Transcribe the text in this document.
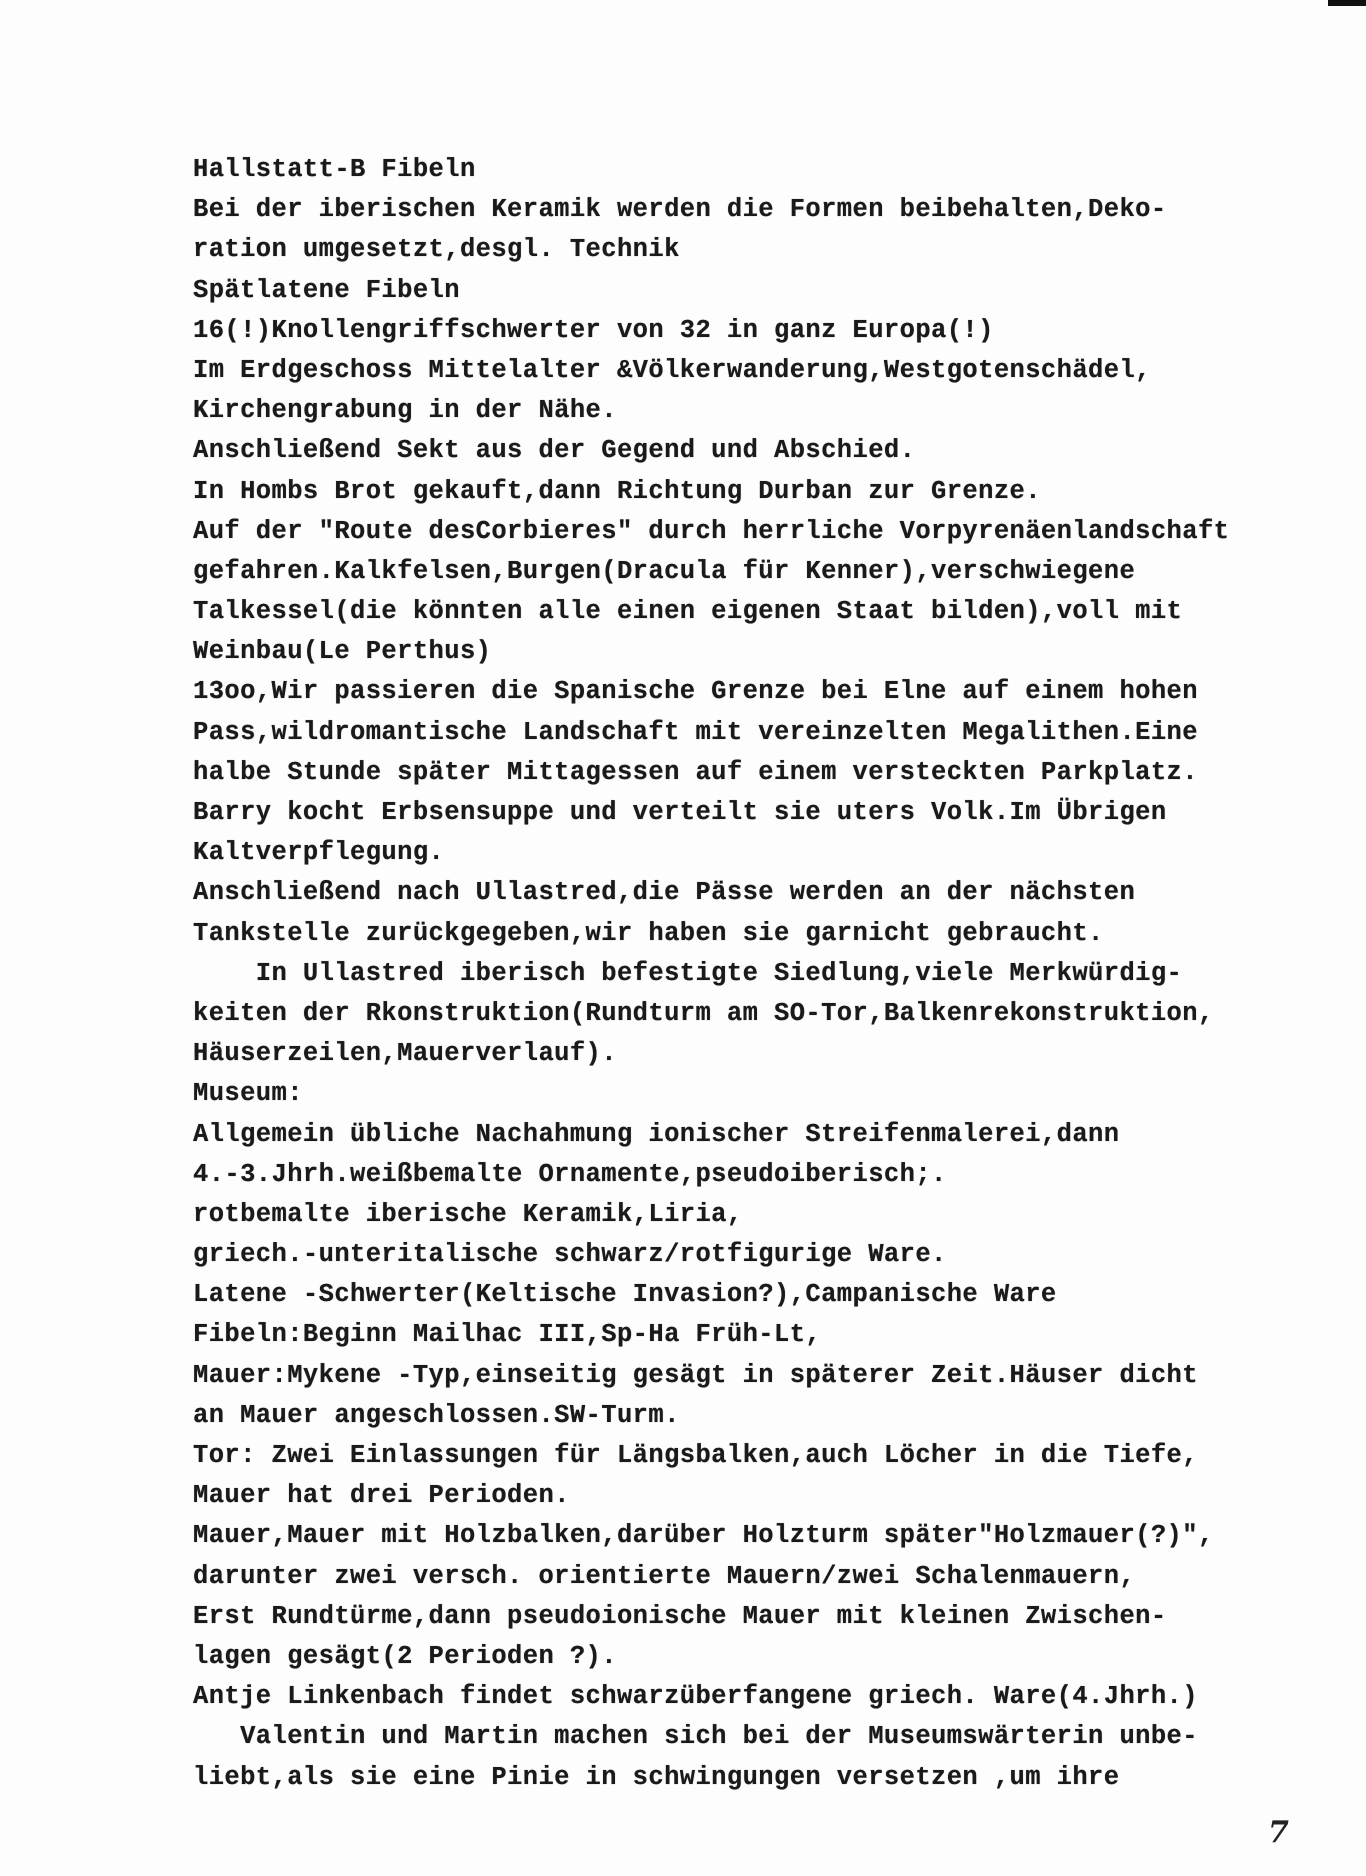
Hallstatt-B Fibeln
Bei der iberischen Keramik werden die Formen beibehalten,Deko-
ration umgesetzt,desgl. Technik
Spätlatene Fibeln
16(!)Knollengriffschwerter von 32 in ganz Europa(!)
Im Erdgeschoss Mittelalter &Völkerwanderung,Westgotenschädel,
Kirchengrabung in der Nähe.
Anschließend Sekt aus der Gegend und Abschied.
In Hombs Brot gekauft,dann Richtung Durban zur Grenze.
Auf der "Route desCorbieres" durch herrliche Vorpyrenäenlandschaft
gefahren.Kalkfelsen,Burgen(Dracula für Kenner),verschwiegene
Talkessel(die könnten alle einen eigenen Staat bilden),voll mit
Weinbau(Le Perthus)
13oo,Wir passieren die Spanische Grenze bei Elne auf einem hohen
Pass,wildromantische Landschaft mit vereinzelten Megalithen.Eine
halbe Stunde später Mittagessen auf einem versteckten Parkplatz.
Barry kocht Erbsensuppe und verteilt sie uters Volk.Im Übrigen
Kaltverpflegung.
Anschließend nach Ullastred,die Pässe werden an der nächsten
Tankstelle zurückgegeben,wir haben sie garnicht gebraucht.
In Ullastred iberisch befestigte Siedlung,viele Merkwürdig-
keiten der Rkonstruktion(Rundturm am SO-Tor,Balkenrekonstruktion,
Häuserzeilen,Mauerverlauf).
Museum:
Allgemein übliche Nachahmung ionischer Streifenmalerei,dann
4.-3.Jhrh.weißbemalte Ornamente,pseudoiberisch;.
rotbemalte iberische Keramik,Liria,
griech.-unteritalische schwarz/rotfigurige Ware.
Latene -Schwerter(Keltische Invasion?),Campanische Ware
Fibeln:Beginn Mailhac III,Sp-Ha Früh-Lt,
Mauer:Mykene -Typ,einseitig gesägt in späterer Zeit.Häuser dicht
an Mauer angeschlossen.SW-Turm.
Tor: Zwei Einlassungen für Längsbalken,auch Löcher in die Tiefe,
Mauer hat drei Perioden.
Mauer,Mauer mit Holzbalken,darüber Holzturm später"Holzmauer(?)",
darunter zwei versch. orientierte Mauern/zwei Schalenmauern,
Erst Rundtürme,dann pseudoionische Mauer mit kleinen Zwischen-
lagen gesägt(2 Perioden ?).
Antje Linkenbach findet schwarzüberfangene griech. Ware(4.Jhrh.)
Valentin und Martin machen sich bei der Museumswärterin unbe-
liebt,als sie eine Pinie in schwingungen versetzen ,um ihre
7
